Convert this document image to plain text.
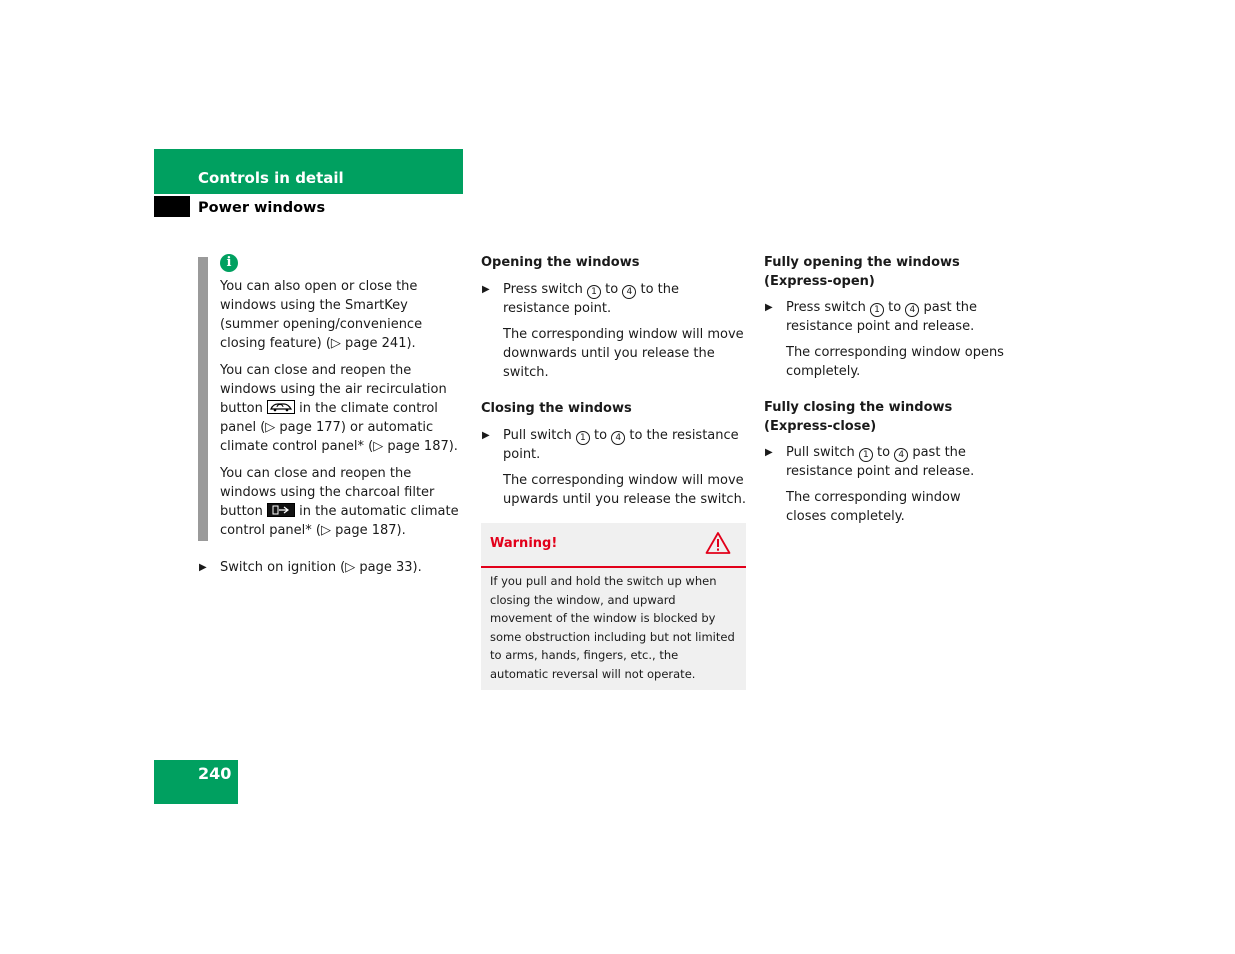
Controls in detail
Power windows
i

You can also open or close the windows using the SmartKey (summer opening/convenience closing feature) (▷ page 241).

You can close and reopen the windows using the air recirculation button	in the climate control panel (▷ page 177) or automatic climate control panel* (▷ page 187).

You can close and reopen the windows using the charcoal filter button	in the automatic climate control panel* (▷ page 187).

▶ Switch on ignition (▷ page 33).

Opening the windows

▶ Press switch 1 to 4 to the resistance point.

The corresponding window will move downwards until you release the switch.

Closing the windows

▶ Pull switch 1 to 4 to the resistance point.

The corresponding window will move upwards until you release the switch.

Warning!
If you pull and hold the switch up when closing the window, and upward movement of the window is blocked by some obstruction including but not limited to arms, hands, fingers, etc., the automatic reversal will not operate.

Fully opening the windows (Express-open)

▶ Press switch 1 to 4 past the resistance point and release.

The corresponding window opens completely.

Fully closing the windows (Express-close)

▶ Pull switch 1 to 4 past the resistance point and release.

The corresponding window closes completely.

240
